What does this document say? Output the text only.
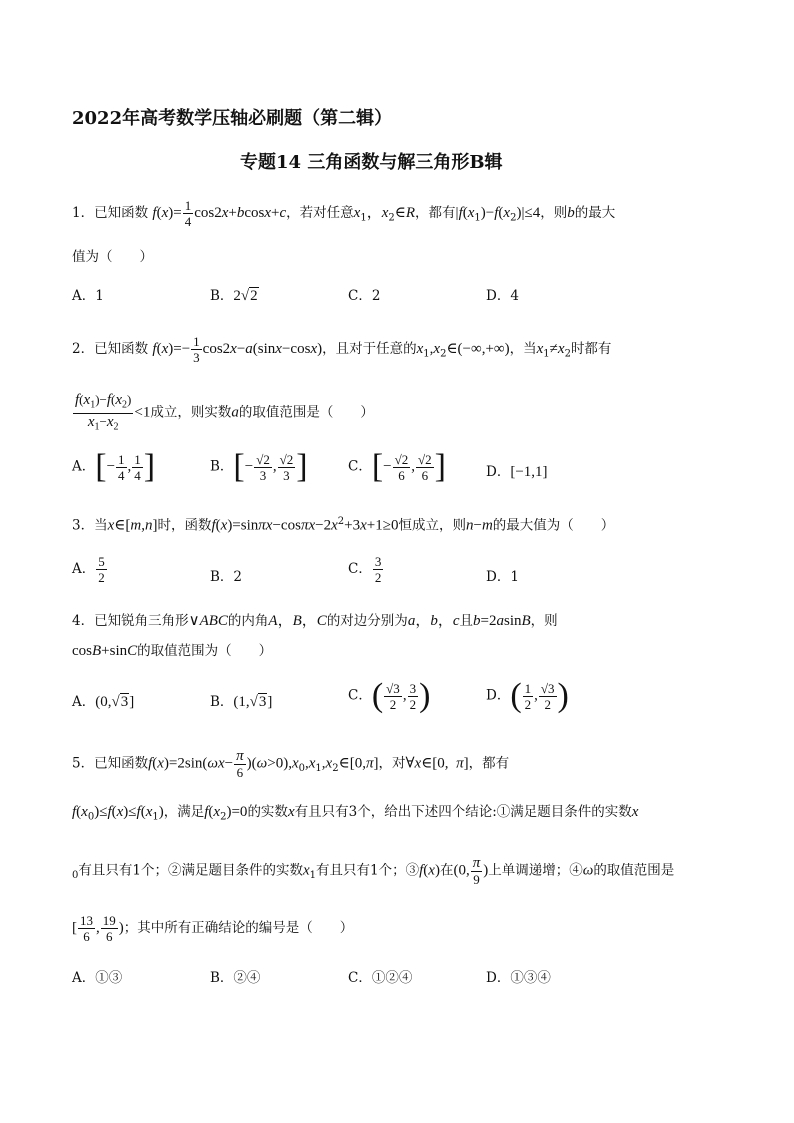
2022年高考数学压轴必刷题（第二辑）
专题14 三角函数与解三角形B辑
1．已知函数 $f(x)= \frac{1}{4} \cos 2x+bcosx+c$，若对任意$x_1$，$x_2\in R$，都有$|f(x_1)-f(x_2)|\le 4$，则b的最大
值为（　　）
A．1	B．2√2	C．2	D．4
2．已知函数 $f(x)=- \frac{1}{3} \cos 2x-a(\sin x-\cos x)$，且对于任意的$x_1,x_2\in(-\infty,+\infty)$，当$x_1\ne x_2$时都有
$\frac{f(x_1)-f(x_2)}{x_1-x_2} <1$成立，则实数a的取值范围是（　　）
A．[− $\frac{1}{4}$ , $\frac{1}{4}$ ]	B．[− $\frac{√2}{3}$ , $\frac{√2}{3}$ ]	C．[− $\frac{√2}{6}$ , $\frac{√2}{6}$ ]	D．[−1,1]
3．当x∈[m,n]时，函数$f(x)=\sin\pi x-\cos\pi x-2x^2+3x+1\ge 0$恒成立，则n−m的最大值为（　　）
A． $\frac{5}{2}$	B．2	C． $\frac{3}{2}$	D．1
4．已知锐角三角形∨ABC的内角A，B，C的对边分别为a，b，c且b=2asinB，则
cosB+sinC的取值范围为（　　）
A．(0,√3]	B．(1,√3]	C．( $\frac{√3}{2}$ , $\frac{3}{2}$ )	D．( $\frac{1}{2}$ , $\frac{√3}{2}$ )
5．已知函数$f(x)=2\sin(\omega x- \frac{\pi}{6}$ )$(\omega>0),x_0,x_1,x_2\in[0,\pi]$，对∀x∈[0,  π]，都有
$f(x_0)\le f(x)\le f(x_1)$，满足$f(x_2)=0$的实数x有且只有3个，给出下述四个结论:①满足题目条件的实数x
$_0$有且只有1个；②满足题目条件的实数$x_1$有且只有1个；③f(x)在(0, $\frac{\pi}{9}$ )上单调递增；④ω的取值范围是
[ $\frac{13}{6}$ , $\frac{19}{6}$ )；其中所有正确结论的编号是（　　）
A．①③	B．②④	C．①②④	D．①③④
